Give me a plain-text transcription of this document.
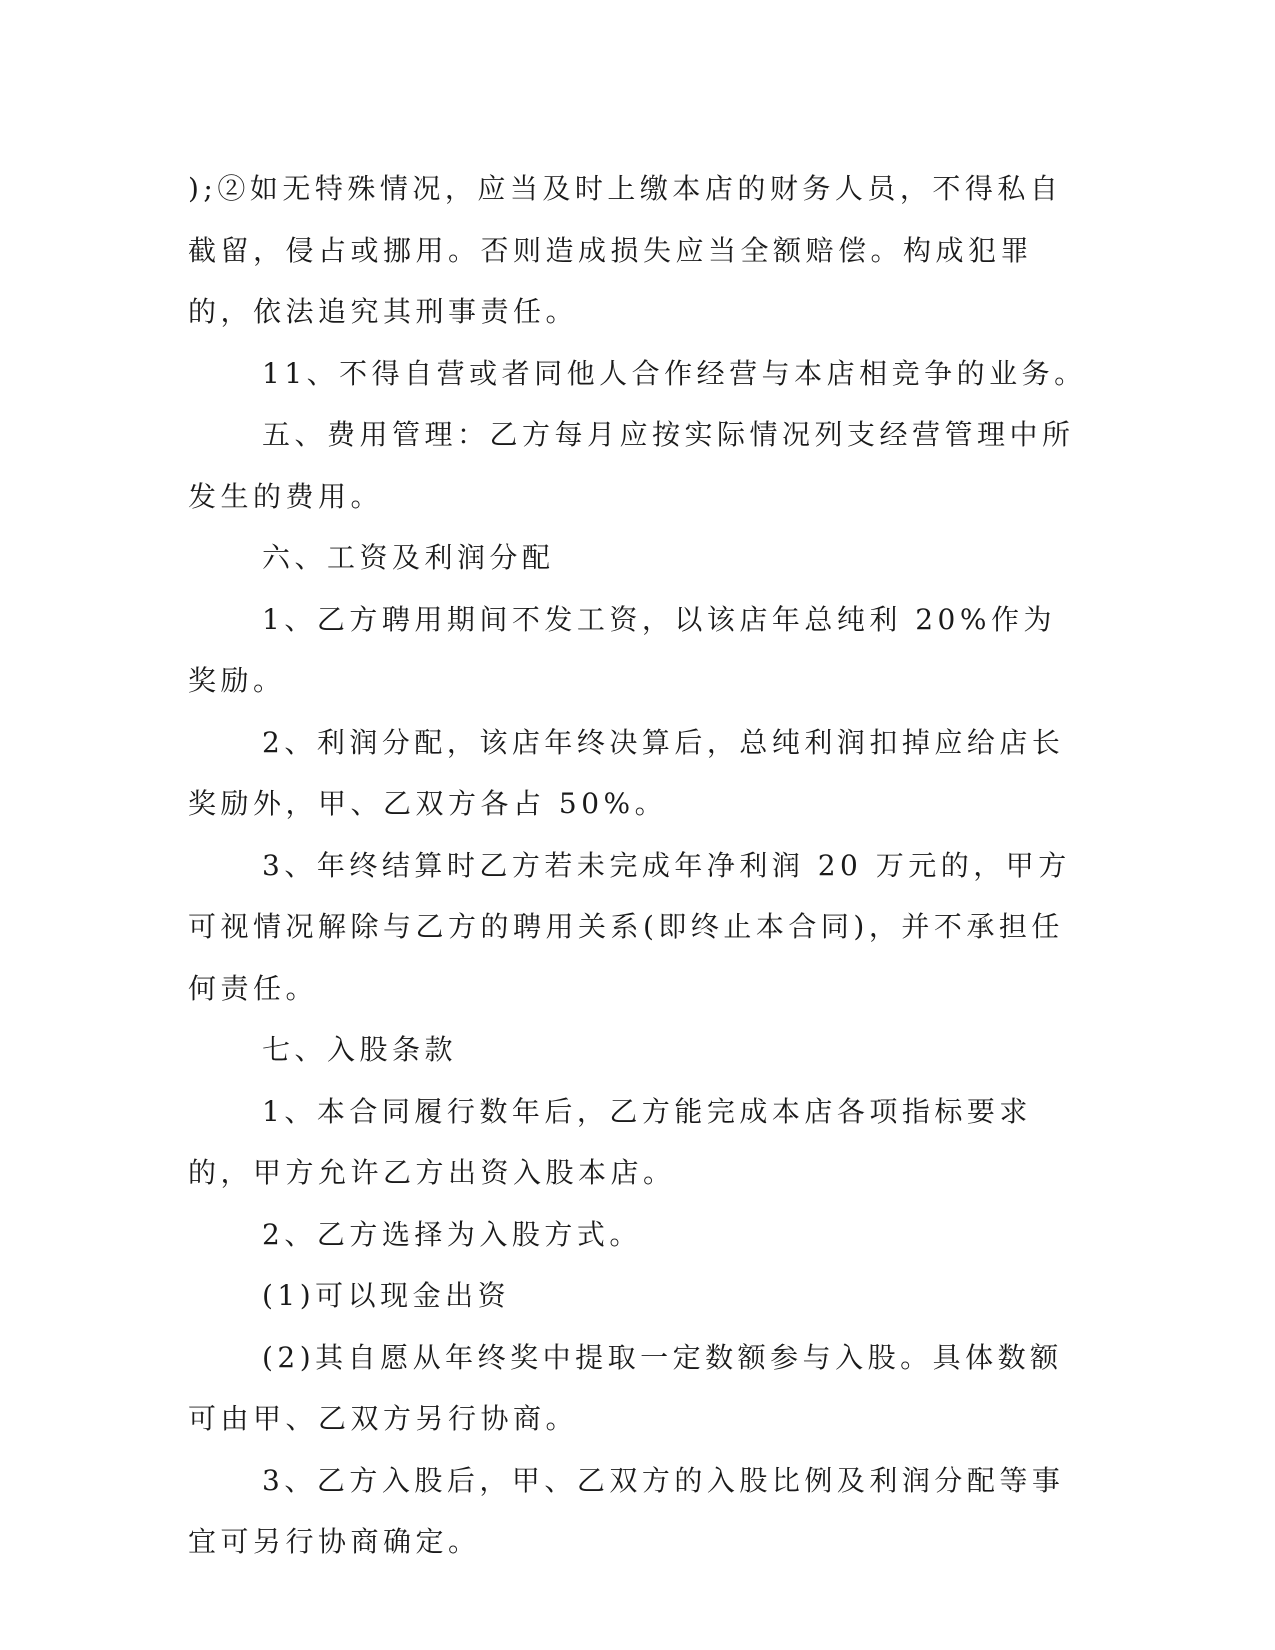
);②如无特殊情况，应当及时上缴本店的财务人员，不得私自截留，侵占或挪用。否则造成损失应当全额赔偿。构成犯罪的，依法追究其刑事责任。

11、不得自营或者同他人合作经营与本店相竞争的业务。

五、费用管理：乙方每月应按实际情况列支经营管理中所发生的费用。

六、工资及利润分配

1、乙方聘用期间不发工资，以该店年总纯利 20%作为奖励。

2、利润分配，该店年终决算后，总纯利润扣掉应给店长奖励外，甲、乙双方各占 50%。

3、年终结算时乙方若未完成年净利润 20 万元的，甲方可视情况解除与乙方的聘用关系(即终止本合同)，并不承担任何责任。

七、入股条款

1、本合同履行数年后，乙方能完成本店各项指标要求的，甲方允许乙方出资入股本店。

2、乙方选择为入股方式。

(1)可以现金出资

(2)其自愿从年终奖中提取一定数额参与入股。具体数额可由甲、乙双方另行协商。

3、乙方入股后，甲、乙双方的入股比例及利润分配等事宜可另行协商确定。
